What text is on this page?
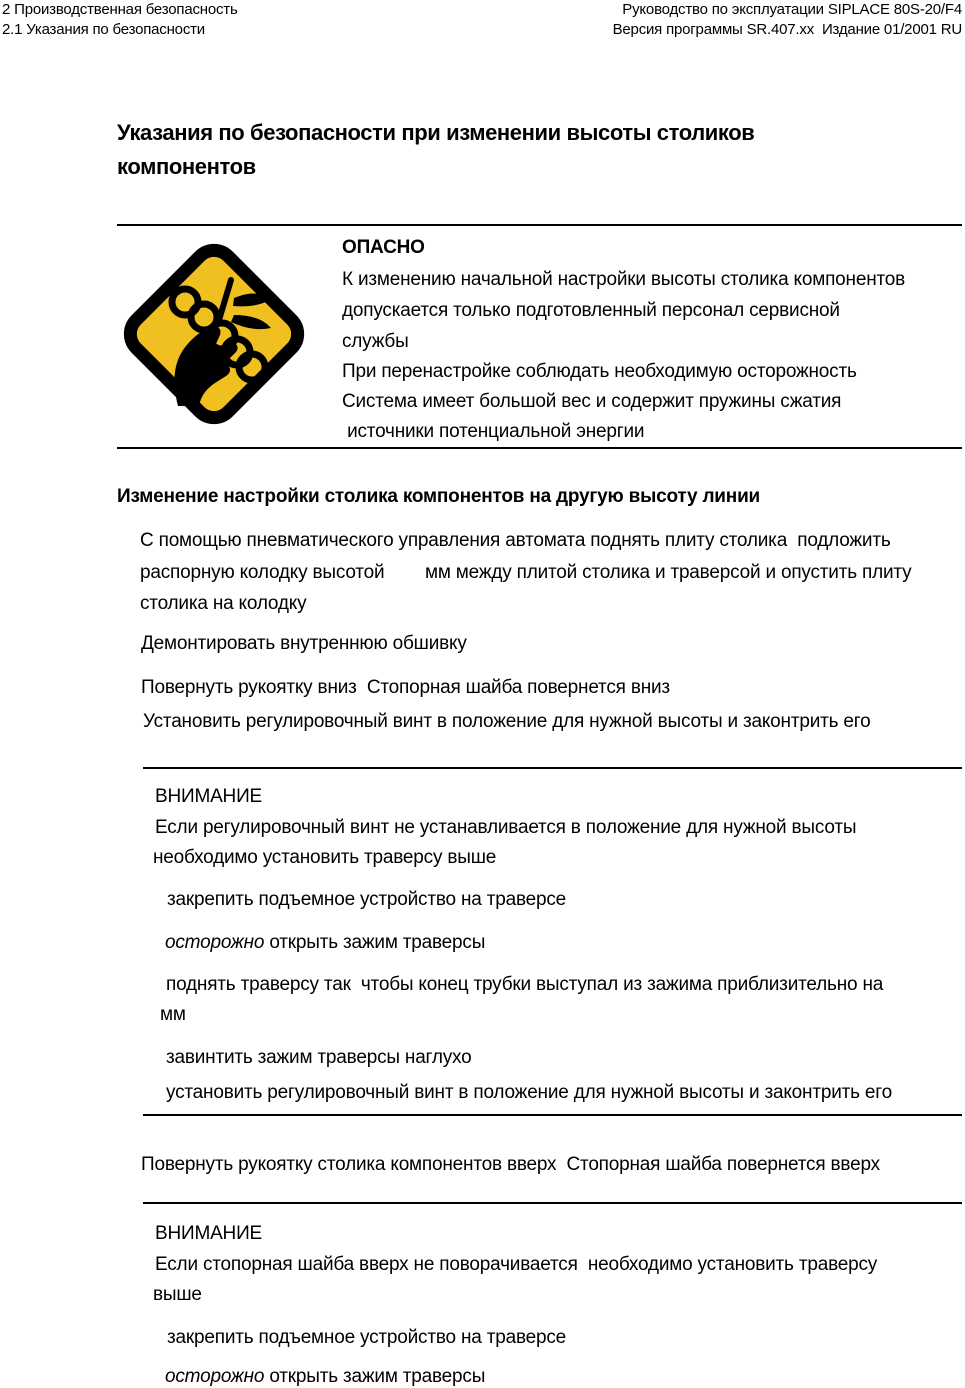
2 Производственная безопасность
2.1 Указания по безопасности
Руководство по эксплуатации SIPLACE 80S-20/F4
Версия программы SR.407.xx  Издание 01/2001 RU
Указания по безопасности при изменении высоты столиков
компонентов
ОПАСНО
К изменению начальной настройки высоты столика компонентов
допускается только подготовленный персонал сервисной
службы
При перенастройке соблюдать необходимую осторожность
Система имеет большой вес и содержит пружины сжатия
источники потенциальной энергии
Изменение настройки столика компонентов на другую высоту линии
С помощью пневматического управления автомата поднять плиту столика  подложить
распорную колодку высотой        мм между плитой столика и траверсой и опустить плиту
столика на колодку
Демонтировать внутреннюю обшивку
Повернуть рукоятку вниз  Стопорная шайба повернется вниз
Установить регулировочный винт в положение для нужной высоты и законтрить его
ВНИМАНИЕ
Если регулировочный винт не устанавливается в положение для нужной высоты
необходимо установить траверсу выше
закрепить подъемное устройство на траверсе
осторожно открыть зажим траверсы
поднять траверсу так  чтобы конец трубки выступал из зажима приблизительно на
мм
завинтить зажим траверсы наглухо
установить регулировочный винт в положение для нужной высоты и законтрить его
Повернуть рукоятку столика компонентов вверх  Стопорная шайба повернется вверх
ВНИМАНИЕ
Если стопорная шайба вверх не поворачивается  необходимо установить траверсу
выше
закрепить подъемное устройство на траверсе
осторожно открыть зажим траверсы
